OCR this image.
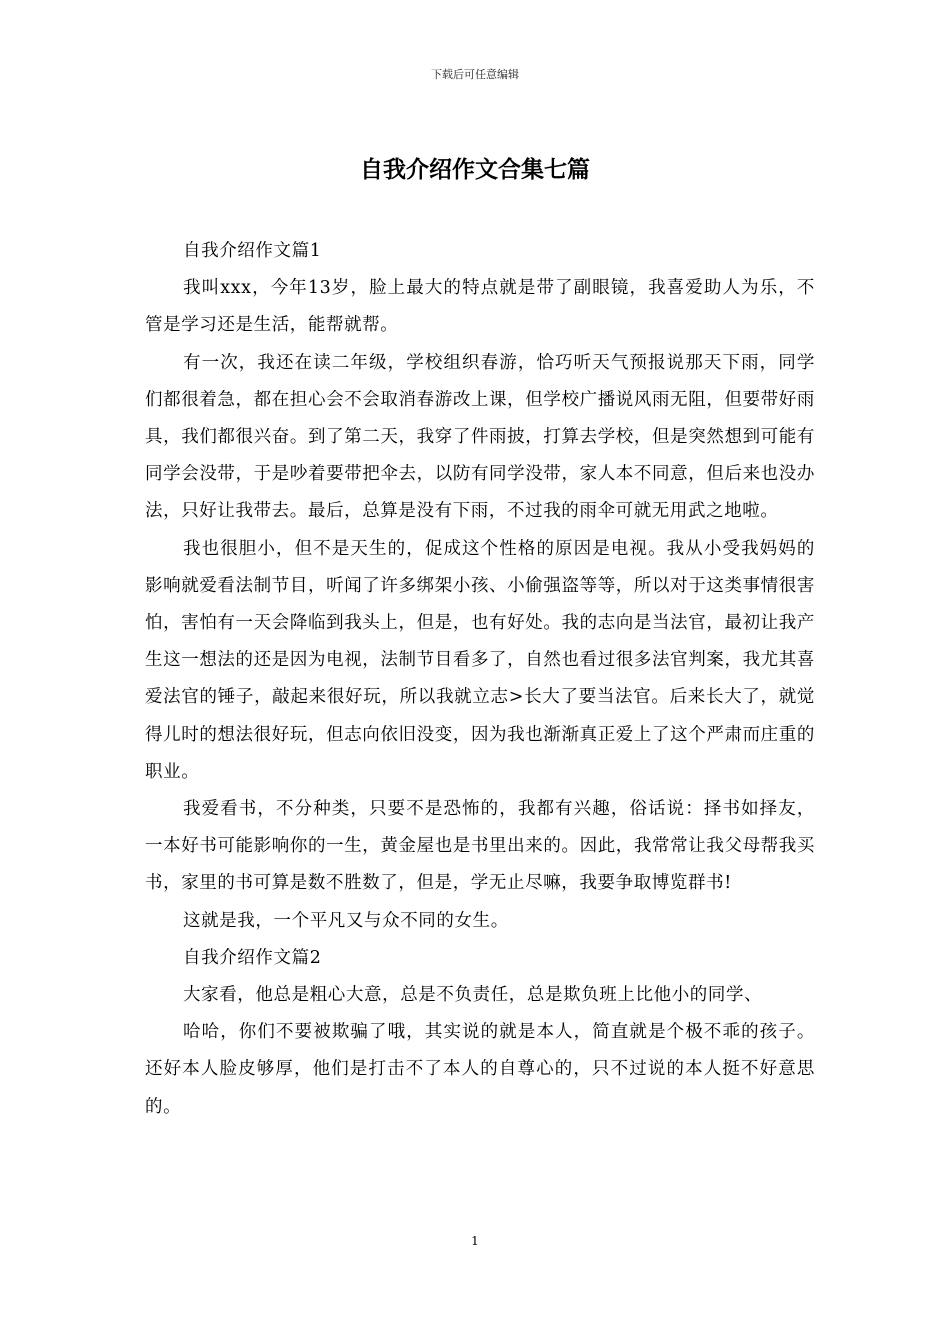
下载后可任意编辑
自我介绍作文合集七篇

自我介绍作文篇1

我叫xxx，今年13岁，脸上最大的特点就是带了副眼镜，我喜爱助人为乐，不管是学习还是生活，能帮就帮。

有一次，我还在读二年级，学校组织春游，恰巧听天气预报说那天下雨，同学们都很着急，都在担心会不会取消春游改上课，但学校广播说风雨无阻，但要带好雨具，我们都很兴奋。到了第二天，我穿了件雨披，打算去学校，但是突然想到可能有同学会没带，于是吵着要带把伞去，以防有同学没带，家人本不同意，但后来也没办法，只好让我带去。最后，总算是没有下雨，不过我的雨伞可就无用武之地啦。

我也很胆小，但不是天生的，促成这个性格的原因是电视。我从小受我妈妈的影响就爱看法制节目，听闻了许多绑架小孩、小偷强盗等等，所以对于这类事情很害怕，害怕有一天会降临到我头上，但是，也有好处。我的志向是当法官，最初让我产生这一想法的还是因为电视，法制节目看多了，自然也看过很多法官判案，我尤其喜爱法官的锤子，敲起来很好玩，所以我就立志>长大了要当法官。后来长大了，就觉得儿时的想法很好玩，但志向依旧没变，因为我也渐渐真正爱上了这个严肃而庄重的职业。

我爱看书，不分种类，只要不是恐怖的，我都有兴趣，俗话说：择书如择友，一本好书可能影响你的一生，黄金屋也是书里出来的。因此，我常常让我父母帮我买书，家里的书可算是数不胜数了，但是，学无止尽嘛，我要争取博览群书!

这就是我，一个平凡又与众不同的女生。

自我介绍作文篇2

大家看，他总是粗心大意，总是不负责任，总是欺负班上比他小的同学、

哈哈，你们不要被欺骗了哦，其实说的就是本人，简直就是个极不乖的孩子。还好本人脸皮够厚，他们是打击不了本人的自尊心的，只不过说的本人挺不好意思的。

1
